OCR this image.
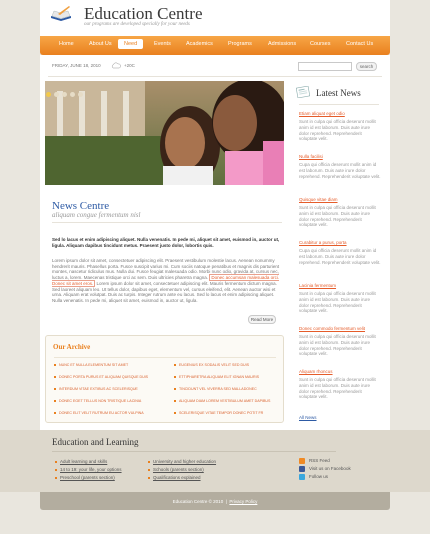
Education Centre
our programs are developed specially for your needs
Home	About Us	Need	Events	Academics	Programs	Admissions	Courses	Contact Us
FRIDAY, JUNE 18, 2010	+20C	search
News Centre
aliquam congue fermentum nisl
Sed lo lacus et enim adipiscing aliquet. Nulla venenatis. In pede mi, aliquet sit amet, euismod in, auctor ut, ligula. Aliquam dapibus tincidunt metus. Praesent justo dolor, lobortis quis.
Lorem ipsum dolor sit amet, consectetuer adipiscing elit. Praesent vestibulum molestie lacus. Aenean nonummy hendrerit mauris. Phasellus porta. Fusce suscipit varius mi. Cum sociis natoque penatibus et magnis dis parturient montes, nascetur ridiculus mus. Nulla dui. Fusce feugiat malesuada odio. Morbi nunc odio, gravida at, cursus nec, luctus a, lorem. Maecenas tristique orci ac sem. Duis ultricies pharetra magna. Donec accumsan malesuada orci. Donec sit amet eros. Lorem ipsum dolor sit amet, consectetuer adipiscing elit. Mauris fermentum dictum magna. Sed laoreet aliquam leo. Ut tellus dolor, dapibus eget, elementum vel, cursus eleifend, elit. Aenean auctor wisi et urna. Aliquam erat volutpat. Duis ac turpis. Integer rutrum ante eu lacus. Sed lo lacus et enim adipiscing aliquet. Nulla venenatis. In pede mi, aliquet sit amet, euismod in, auctor ut, ligula.
Read More
Our Archive
NUNC ET NULLA ELEMENTUM SIT AMET
DONEC PORTA PURUS ET ALIQUAM QUISQUE DUIS
INTERDUM VITAE EXTIBUS AC SCELERISQUE
DONEC EGET TELLUS NON TRISTIQUE LACINIA
DONEC ELIT VELIT RUTRUM EU ACTOR VULPINA
EUGENIUS EX SODALIS VELIT SED DUIS
ETTIPHARETRA ALIQUAM ELIT IGNAN MAURIS
TINCIDUNT VEL VIVERRA SED MALLADONEC
ALIQUAM DIAM LOREM VESTIBULUM AMET DAPIBUS
SCELERISQUE VITAE TEMPOR DONEC POTIT FR
Latest News
Etiam aliquat eget odio
Sunt in culpa qui officia deserunt mollit anim id est laborum. Duis aute irure dolor reprehend. Reprehenderit voluptate velit.
Nulla facilisi
Cupa qui officia deserunt mollit anim id est laborum. Duis aute irure dolor reprehend. Reprehenderit voluptate velit.
Quisque vitae diam
Sunt in culpa qui officia deserunt mollit anim id est laborum. Duis aute irure dolor reprehend. Reprehenderit voluptate velit.
Curabitur a purus, porta
Cupa qui officia deserunt mollit anim id est laborum. Duis aute irure dolor reprehend. Reprehenderit voluptate velit.
Lacinia fermentum
Sunt in culpa qui officia deserunt mollit anim id est laborum. Duis aute irure dolor reprehend. Reprehenderit voluptate velit.
Donec commodo fermentum velit
Sunt in culpa qui officia deserunt mollit anim id est laborum. Duis aute irure dolor reprehend. Reprehenderit voluptate velit.
Aliquam rhoncus
Sunt in culpa qui officia deserunt mollit anim id est laborum. Duis aute irure dolor reprehend. Reprehenderit voluptate velit.
All News
Education and Learning
Adult learning and skills
14 to 19: your life, your options
Preschool (parents section)
University and higher education
Schools (parents section)
Qualifications explained
RSS Feed
Visit us on Facebook
Follow us
Education Centre © 2010  |  Privacy Policy
